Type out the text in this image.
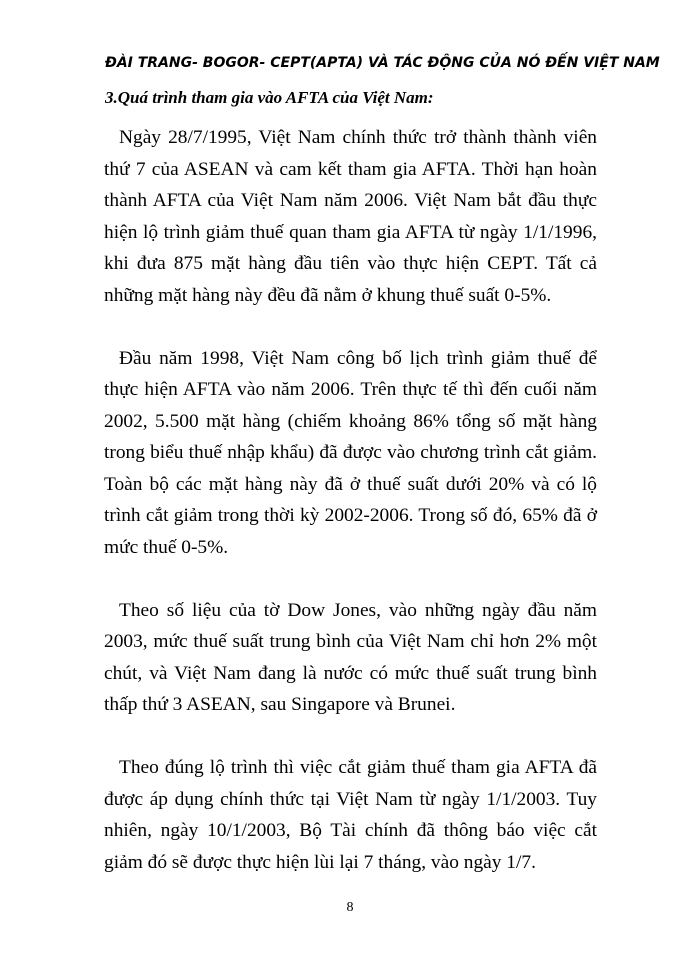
ĐÀI TRANG- BOGOR- CEPT(APTA) VÀ TÁC ĐỘNG CỦA NÓ ĐẾN VIỆT NAM
3.Quá trình tham gia vào AFTA của Việt Nam:

Ngày 28/7/1995, Việt Nam chính thức trở thành thành viên thứ 7 của ASEAN và cam kết tham gia AFTA. Thời hạn hoàn thành AFTA của Việt Nam năm 2006. Việt Nam bắt đầu thực hiện lộ trình giảm thuế quan tham gia AFTA từ ngày 1/1/1996, khi đưa 875 mặt hàng đầu tiên vào thực hiện CEPT. Tất cả những mặt hàng này đều đã nằm ở khung thuế suất 0-5%.

Đầu năm 1998, Việt Nam công bố lịch trình giảm thuế để thực hiện AFTA vào năm 2006. Trên thực tế thì đến cuối năm 2002, 5.500 mặt hàng (chiếm khoảng 86% tổng số mặt hàng trong biểu thuế nhập khẩu) đã được vào chương trình cắt giảm. Toàn bộ các mặt hàng này đã ở thuế suất dưới 20% và có lộ trình cắt giảm trong thời kỳ 2002-2006. Trong số đó, 65% đã ở mức thuế 0-5%.

Theo số liệu của tờ Dow Jones, vào những ngày đầu năm 2003, mức thuế suất trung bình của Việt Nam chỉ hơn 2% một chút, và Việt Nam đang là nước có mức thuế suất trung bình thấp thứ 3 ASEAN, sau Singapore và Brunei.

Theo đúng lộ trình thì việc cắt giảm thuế tham gia AFTA đã được áp dụng chính thức tại Việt Nam từ ngày 1/1/2003. Tuy nhiên, ngày 10/1/2003, Bộ Tài chính đã thông báo việc cắt giảm đó sẽ được thực hiện lùi lại 7 tháng, vào ngày 1/7.

8
